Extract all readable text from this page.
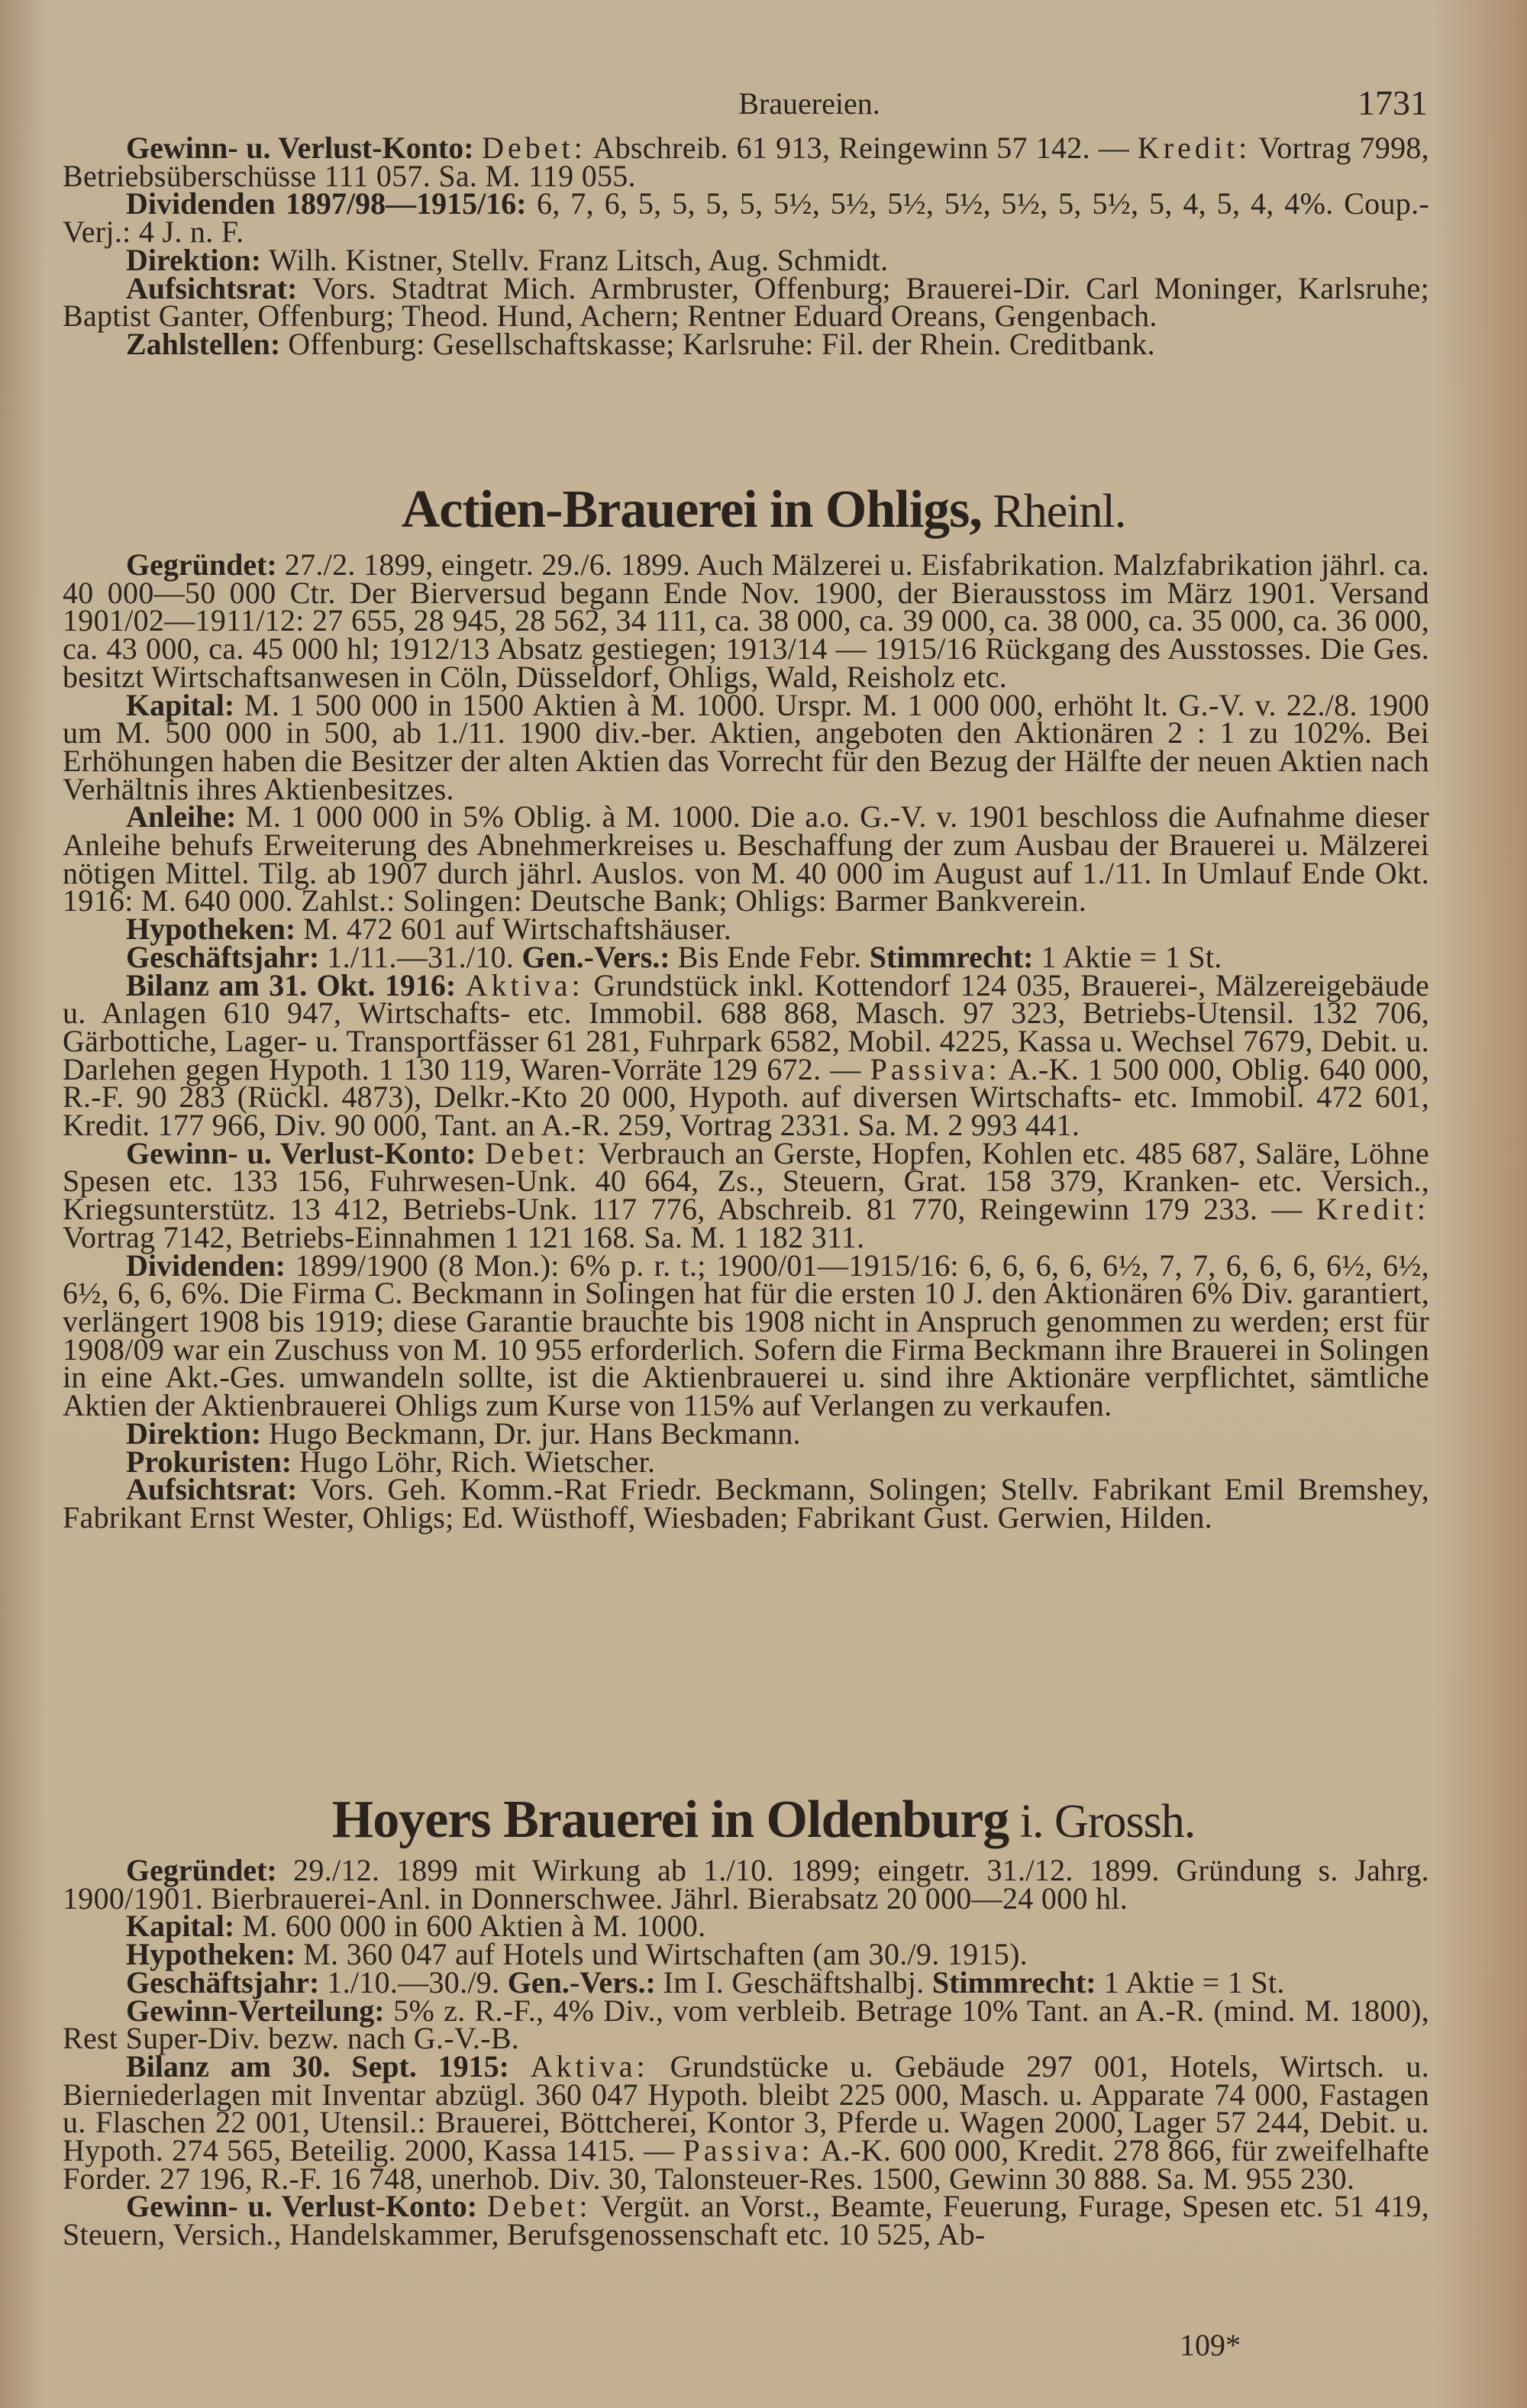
Brauereien.	1731

Gewinn- u. Verlust-Konto: Debet: Abschreib. 61 913, Reingewinn 57 142. — Kredit: Vortrag 7998, Betriebsüberschüsse 111 057. Sa. M. 119 055.

Dividenden 1897/98—1915/16: 6, 7, 6, 5, 5, 5, 5, 5½, 5½, 5½, 5½, 5½, 5, 5½, 5, 4, 5, 4, 4%. Coup.-Verj.: 4 J. n. F.

Direktion: Wilh. Kistner, Stellv. Franz Litsch, Aug. Schmidt.

Aufsichtsrat: Vors. Stadtrat Mich. Armbruster, Offenburg; Brauerei-Dir. Carl Moninger, Karlsruhe; Baptist Ganter, Offenburg; Theod. Hund, Achern; Rentner Eduard Oreans, Gengenbach.

Zahlstellen: Offenburg: Gesellschaftskasse; Karlsruhe: Fil. der Rhein. Creditbank.

Actien-Brauerei in Ohligs, Rheinl.

Gegründet: 27./2. 1899, eingetr. 29./6. 1899. Auch Mälzerei u. Eisfabrikation. Malzfabrikation jährl. ca. 40 000—50 000 Ctr. Der Bierversud begann Ende Nov. 1900, der Bierausstoss im März 1901. Versand 1901/02—1911/12: 27 655, 28 945, 28 562, 34 111, ca. 38 000, ca. 39 000, ca. 38 000, ca. 35 000, ca. 36 000, ca. 43 000, ca. 45 000 hl; 1912/13 Absatz gestiegen; 1913/14 — 1915/16 Rückgang des Ausstosses. Die Ges. besitzt Wirtschaftsanwesen in Cöln, Düsseldorf, Ohligs, Wald, Reisholz etc.

Kapital: M. 1 500 000 in 1500 Aktien à M. 1000. Urspr. M. 1 000 000, erhöht lt. G.-V. v. 22./8. 1900 um M. 500 000 in 500, ab 1./11. 1900 div.-ber. Aktien, angeboten den Aktionären 2 : 1 zu 102%. Bei Erhöhungen haben die Besitzer der alten Aktien das Vorrecht für den Bezug der Hälfte der neuen Aktien nach Verhältnis ihres Aktienbesitzes.

Anleihe: M. 1 000 000 in 5% Oblig. à M. 1000. Die a.o. G.-V. v. 1901 beschloss die Aufnahme dieser Anleihe behufs Erweiterung des Abnehmerkreises u. Beschaffung der zum Ausbau der Brauerei u. Mälzerei nötigen Mittel. Tilg. ab 1907 durch jährl. Auslos. von M. 40 000 im August auf 1./11. In Umlauf Ende Okt. 1916: M. 640 000. Zahlst.: Solingen: Deutsche Bank; Ohligs: Barmer Bankverein.

Hypotheken: M. 472 601 auf Wirtschaftshäuser.

Geschäftsjahr: 1./11.—31./10. Gen.-Vers.: Bis Ende Febr. Stimmrecht: 1 Aktie = 1 St.

Bilanz am 31. Okt. 1916: Aktiva: Grundstück inkl. Kottendorf 124 035, Brauerei-, Mälzereigebäude u. Anlagen 610 947, Wirtschafts- etc. Immobil. 688 868, Masch. 97 323, Betriebs-Utensil. 132 706, Gärbottiche, Lager- u. Transportfässer 61 281, Fuhrpark 6582, Mobil. 4225, Kassa u. Wechsel 7679, Debit. u. Darlehen gegen Hypoth. 1 130 119, Waren-Vorräte 129 672. — Passiva: A.-K. 1 500 000, Oblig. 640 000, R.-F. 90 283 (Rückl. 4873), Delkr.-Kto 20 000, Hypoth. auf diversen Wirtschafts- etc. Immobil. 472 601, Kredit. 177 966, Div. 90 000, Tant. an A.-R. 259, Vortrag 2331. Sa. M. 2 993 441.

Gewinn- u. Verlust-Konto: Debet: Verbrauch an Gerste, Hopfen, Kohlen etc. 485 687, Saläre, Löhne Spesen etc. 133 156, Fuhrwesen-Unk. 40 664, Zs., Steuern, Grat. 158 379, Kranken- etc. Versich., Kriegsunterstütz. 13 412, Betriebs-Unk. 117 776, Abschreib. 81 770, Reingewinn 179 233. — Kredit: Vortrag 7142, Betriebs-Einnahmen 1 121 168. Sa. M. 1 182 311.

Dividenden: 1899/1900 (8 Mon.): 6% p. r. t.; 1900/01—1915/16: 6, 6, 6, 6, 6½, 7, 7, 6, 6, 6, 6½, 6½, 6½, 6, 6, 6%. Die Firma C. Beckmann in Solingen hat für die ersten 10 J. den Aktionären 6% Div. garantiert, verlängert 1908 bis 1919; diese Garantie brauchte bis 1908 nicht in Anspruch genommen zu werden; erst für 1908/09 war ein Zuschuss von M. 10 955 erforderlich. Sofern die Firma Beckmann ihre Brauerei in Solingen in eine Akt.-Ges. umwandeln sollte, ist die Aktienbrauerei u. sind ihre Aktionäre verpflichtet, sämtliche Aktien der Aktienbrauerei Ohligs zum Kurse von 115% auf Verlangen zu verkaufen.

Direktion: Hugo Beckmann, Dr. jur. Hans Beckmann.

Prokuristen: Hugo Löhr, Rich. Wietscher.

Aufsichtsrat: Vors. Geh. Komm.-Rat Friedr. Beckmann, Solingen; Stellv. Fabrikant Emil Bremshey, Fabrikant Ernst Wester, Ohligs; Ed. Wüsthoff, Wiesbaden; Fabrikant Gust. Gerwien, Hilden.

Hoyers Brauerei in Oldenburg i. Grossh.

Gegründet: 29./12. 1899 mit Wirkung ab 1./10. 1899; eingetr. 31./12. 1899. Gründung s. Jahrg. 1900/1901. Bierbrauerei-Anl. in Donnerschwee. Jährl. Bierabsatz 20 000—24 000 hl.

Kapital: M. 600 000 in 600 Aktien à M. 1000.

Hypotheken: M. 360 047 auf Hotels und Wirtschaften (am 30./9. 1915).

Geschäftsjahr: 1./10.—30./9. Gen.-Vers.: Im I. Geschäftshalbj. Stimmrecht: 1 Aktie = 1 St.

Gewinn-Verteilung: 5% z. R.-F., 4% Div., vom verbleib. Betrage 10% Tant. an A.-R. (mind. M. 1800), Rest Super-Div. bezw. nach G.-V.-B.

Bilanz am 30. Sept. 1915: Aktiva: Grundstücke u. Gebäude 297 001, Hotels, Wirtsch. u. Bierniederlagen mit Inventar abzügl. 360 047 Hypoth. bleibt 225 000, Masch. u. Apparate 74 000, Fastagen u. Flaschen 22 001, Utensil.: Brauerei, Böttcherei, Kontor 3, Pferde u. Wagen 2000, Lager 57 244, Debit. u. Hypoth. 274 565, Beteilig. 2000, Kassa 1415. — Passiva: A.-K. 600 000, Kredit. 278 866, für zweifelhafte Forder. 27 196, R.-F. 16 748, unerhob. Div. 30, Talonsteuer-Res. 1500, Gewinn 30 888. Sa. M. 955 230.

Gewinn- u. Verlust-Konto: Debet: Vergüt. an Vorst., Beamte, Feuerung, Furage, Spesen etc. 51 419, Steuern, Versich., Handelskammer, Berufsgenossenschaft etc. 10 525, Ab-

109*
